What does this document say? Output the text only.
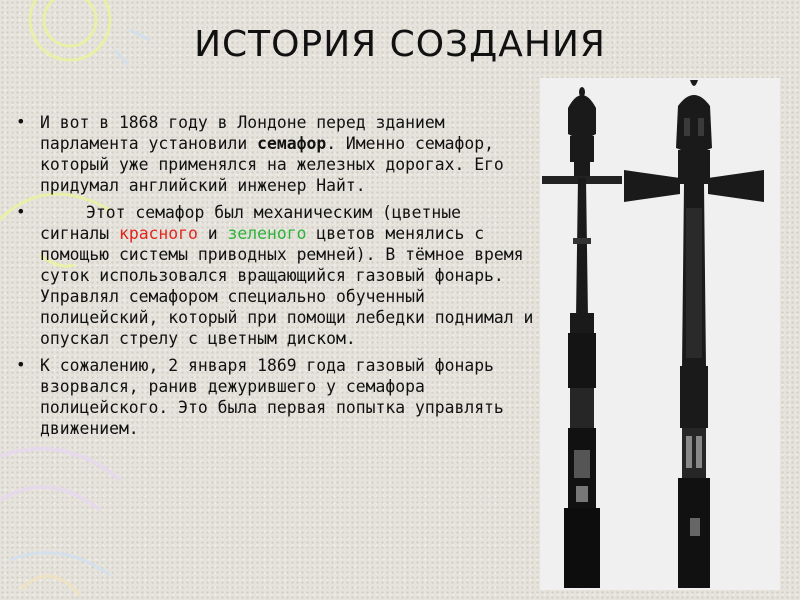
ИСТОРИЯ СОЗДАНИЯ
• И вот в 1868 году в Лондоне перед зданием парламента установили семафор. Именно семафор, который уже применялся на железных дорогах. Его придумал английский инженер Найт.
•	Этот семафор был механическим (цветные сигналы красного и зеленого цветов менялись с помощью системы приводных ремней). В тёмное время суток использовался вращающийся газовый фонарь. Управлял семафором специально обученный полицейский, который при помощи лебедки поднимал и опускал стрелу с цветным диском.
• К сожалению, 2 января 1869 года газовый фонарь взорвался, ранив дежурившего у семафора полицейского. Это была первая попытка управлять движением.
